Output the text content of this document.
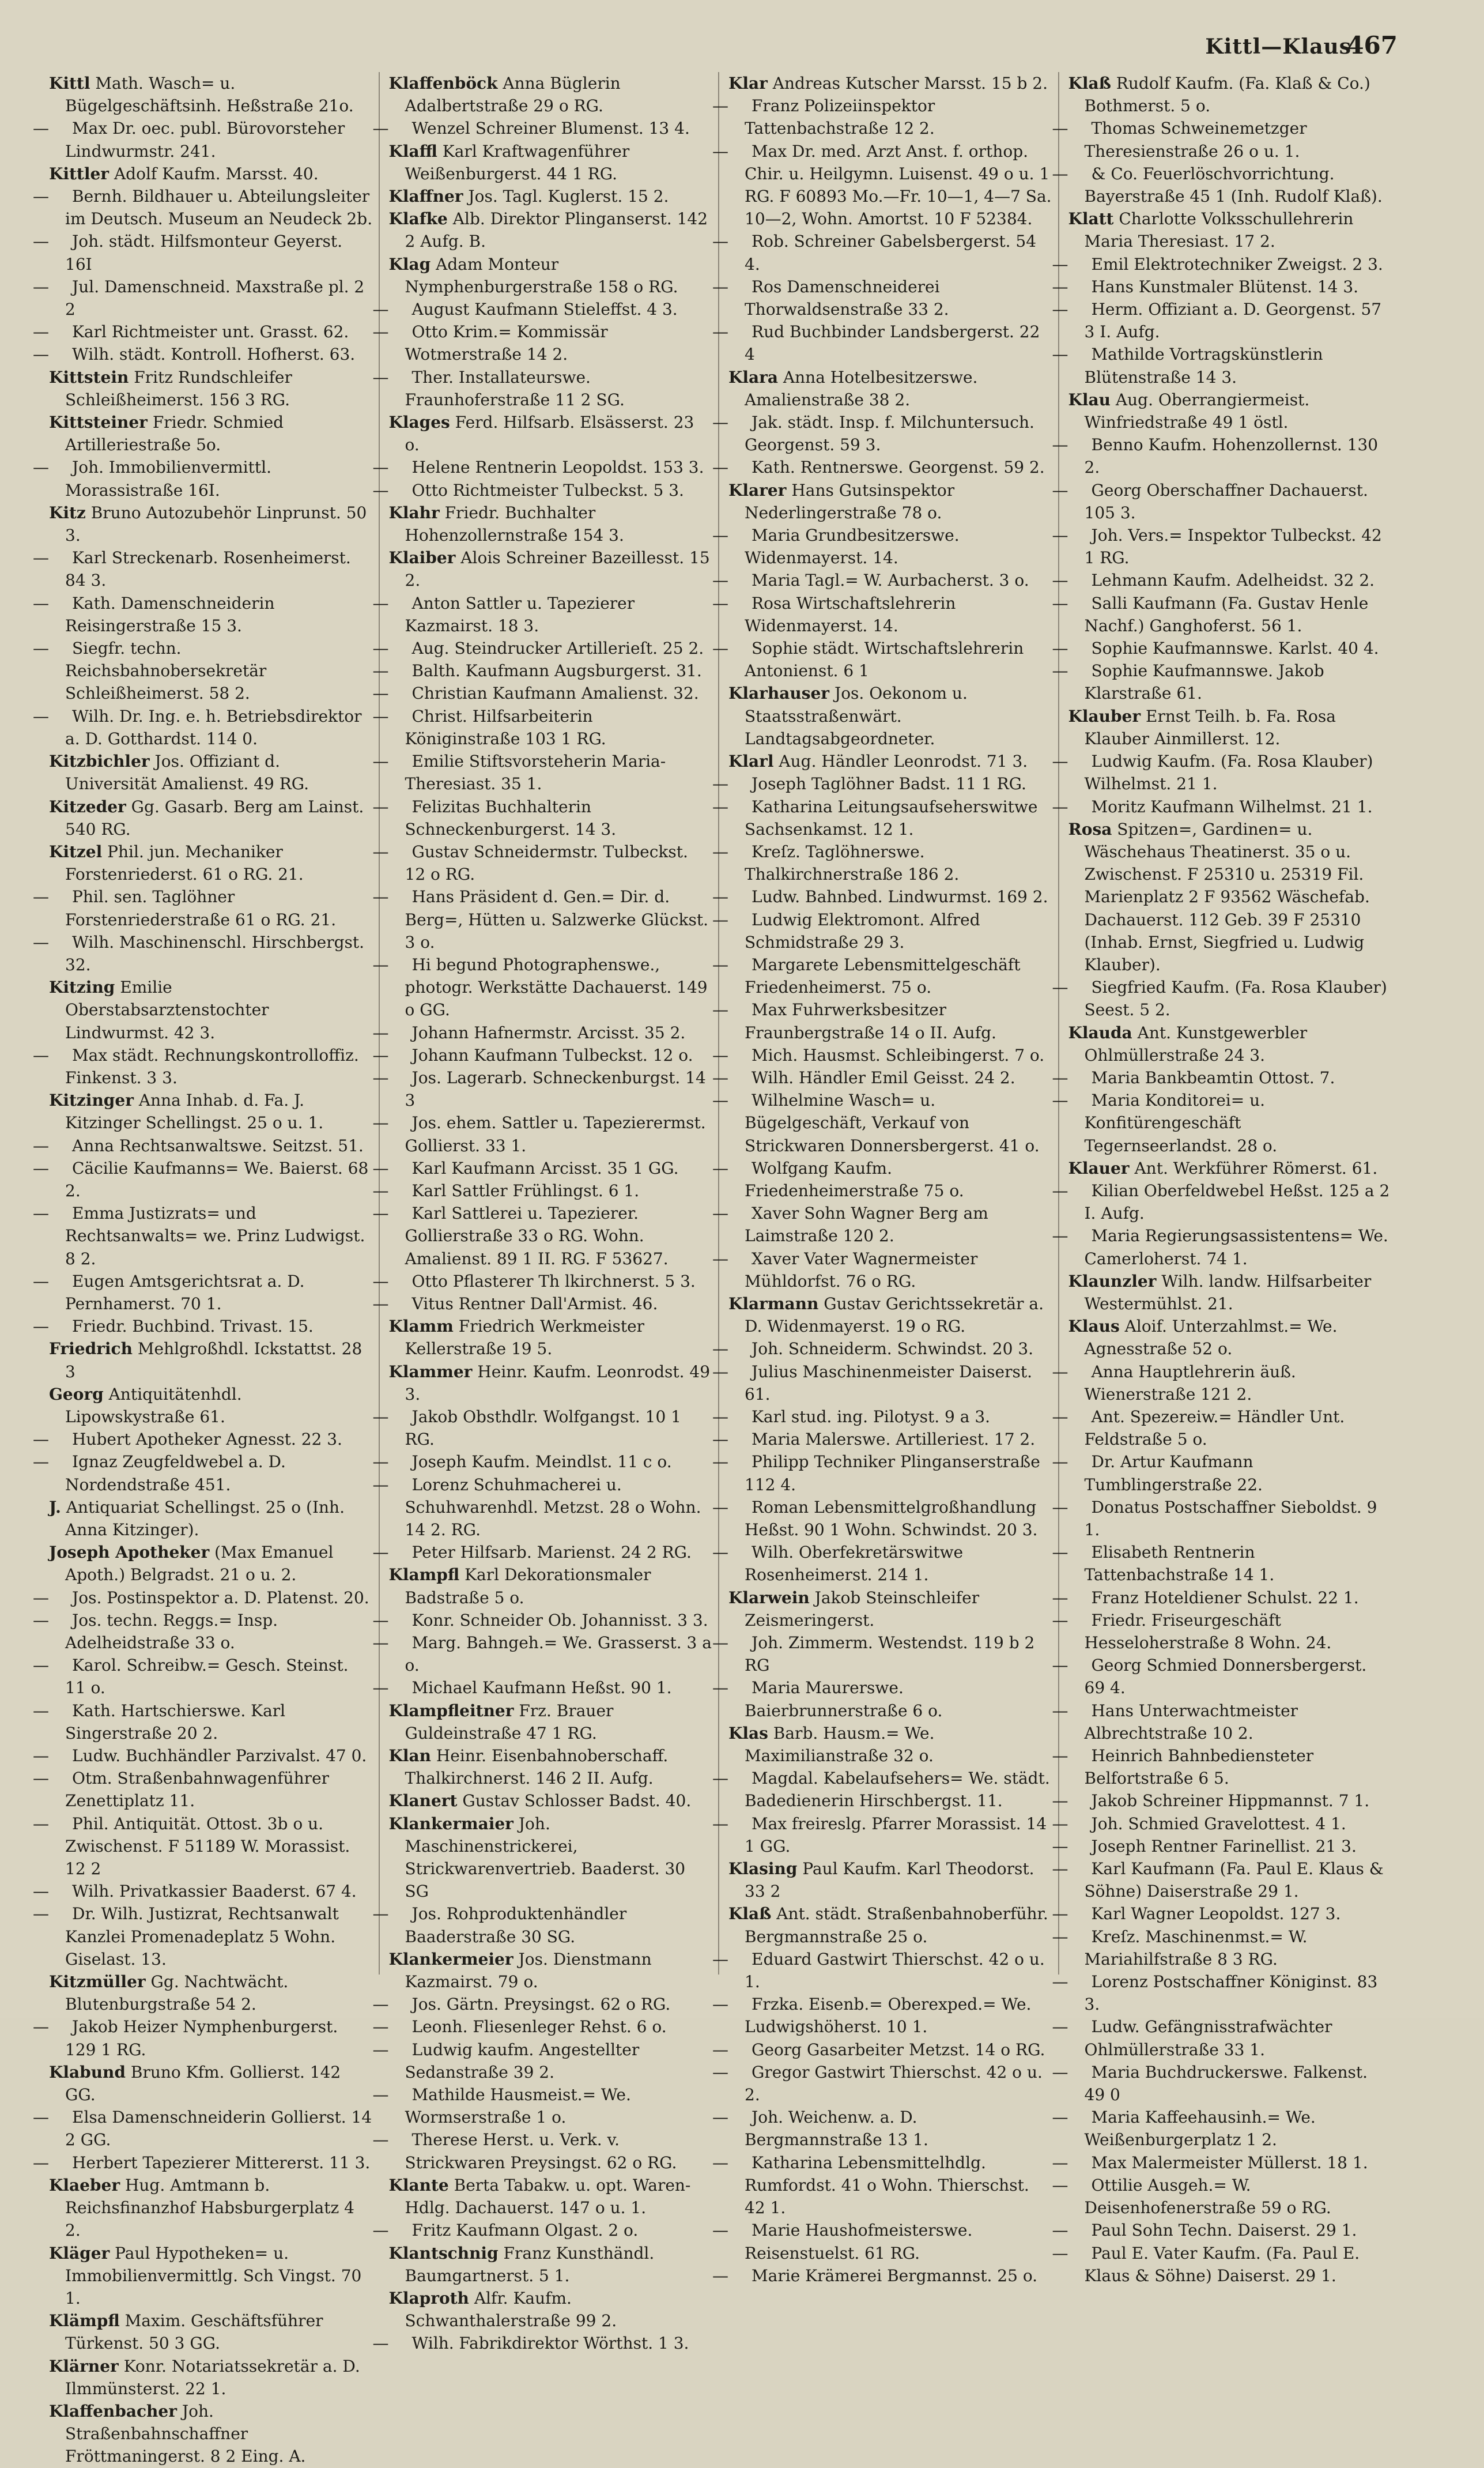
Kittl—Klaus
467

Kittl Math. Wasch= u. Bügelgeschäftsinh. Heßstraße 21o.

— Max Dr. oec. publ. Bürovorsteher Lindwurmstr. 241.

Kittler Adolf Kaufm. Marsst. 40.

— Bernh. Bildhauer u. Abteilungsleiter im Deutsch. Museum an Neudeck 2b.

— Joh. städt. Hilfsmonteur Geyerst. 16I

— Jul. Damenschneid. Maxstraße pl. 2 2

— Karl Richtmeister unt. Grasst. 62.

— Wilh. städt. Kontroll. Hofherst. 63.

Kittstein Fritz Rundschleifer Schleißheimerst. 156 3 RG.

Kittsteiner Friedr. Schmied Artilleriestraße 5o.

— Joh. Immobilienvermittl. Morassistraße 16I.

Kitz Bruno Autozubehör Linprunst. 50 3.

— Karl Streckenarb. Rosenheimerst. 84 3.

— Kath. Damenschneiderin Reisingerstraße 15 3.

— Siegfr. techn. Reichsbahnobersekretär Schleißheimerst. 58 2.

— Wilh. Dr. Ing. e. h. Betriebsdirektor a. D. Gotthardst. 114 0.

Kitzbichler Jos. Offiziant d. Universität Amalienst. 49 RG.

Kitzeder Gg. Gasarb. Berg am Lainst. 540 RG.

Kitzel Phil. jun. Mechaniker Forstenriederst. 61 o RG. 21.

— Phil. sen. Taglöhner Forstenriederstraße 61 o RG. 21.

— Wilh. Maschinenschl. Hirschbergst. 32.

Kitzing Emilie Oberstabsarztenstochter Lindwurmst. 42 3.

— Max städt. Rechnungskontrolloffiz. Finkenst. 3 3.

Kitzinger Anna Inhab. d. Fa. J. Kitzinger Schellingst. 25 o u. 1.

— Anna Rechtsanwaltswe. Seitzst. 51.

— Cäcilie Kaufmanns= We. Baierst. 68 2.

— Emma Justizrats= und Rechtsanwalts= we. Prinz Ludwigst. 8 2.

— Eugen Amtsgerichtsrat a. D. Pernhamerst. 70 1.

— Friedr. Buchbind. Trivast. 15.

Friedrich Mehlgroßhdl. Ickstattst. 28 3

Georg Antiquitätenhdl. Lipowskystraße 61.

— Hubert Apotheker Agnesst. 22 3.

— Ignaz Zeugfeldwebel a. D. Nordendstraße 451.

J. Antiquariat Schellingst. 25 o (Inh. Anna Kitzinger).

Joseph Apotheker (Max Emanuel Apoth.) Belgradst. 21 o u. 2.

— Jos. Postinspektor a. D. Platenst. 20.

— Jos. techn. Reggs.= Insp. Adelheidstraße 33 o.

— Karol. Schreibw.= Gesch. Steinst. 11 o.

— Kath. Hartschierswe. Karl Singerstraße 20 2.

— Ludw. Buchhändler Parzivalst. 47 0.

— Otm. Straßenbahnwagenführer Zenettiplatz 11.

— Phil. Antiquität. Ottost. 3b o u. Zwischenst. F 51189 W. Morassist. 12 2

— Wilh. Privatkassier Baaderst. 67 4.

— Dr. Wilh. Justizrat, Rechtsanwalt Kanzlei Promenadeplatz 5 Wohn. Giselast. 13.

Kitzmüller Gg. Nachtwächt. Blutenburgstraße 54 2.

— Jakob Heizer Nymphenburgerst. 129 1 RG.

Klabund Bruno Kfm. Gollierst. 142 GG.

— Elsa Damenschneiderin Gollierst. 14 2 GG.

— Herbert Tapezierer Mittererst. 11 3.

Klaeber Hug. Amtmann b. Reichsfinanzhof Habsburgerplatz 4 2.

Kläger Paul Hypotheken= u. Immobilienvermittlg. Sch Vingst. 70 1.

Klämpfl Maxim. Geschäftsführer Türkenst. 50 3 GG.

Klärner Konr. Notariatssekretär a. D. Ilmmünsterst. 22 1.

Klaffenbacher Joh. Straßenbahnschaffner Fröttmaningerst. 8 2 Eing. A.

Klaffenböck Anna Büglerin Adalbertstraße 29 o RG.

— Wenzel Schreiner Blumenst. 13 4.

Klaffl Karl Kraftwagenführer Weißenburgerst. 44 1 RG.

Klaffner Jos. Tagl. Kuglerst. 15 2.

Klafke Alb. Direktor Plinganserst. 142 2 Aufg. B.

Klag Adam Monteur Nymphenburgerstraße 158 o RG.

— August Kaufmann Stieleffst. 4 3.

— Otto Krim.= Kommissär Wotmerstraße 14 2.

— Ther. Installateurswe. Fraunhoferstraße 11 2 SG.

Klages Ferd. Hilfsarb. Elsässerst. 23 o.

— Helene Rentnerin Leopoldst. 153 3.

— Otto Richtmeister Tulbeckst. 5 3.

Klahr Friedr. Buchhalter Hohenzollernstraße 154 3.

Klaiber Alois Schreiner Bazeillesst. 15 2.

— Anton Sattler u. Tapezierer Kazmairst. 18 3.

— Aug. Steindrucker Artillerieſt. 25 2.

— Balth. Kaufmann Augsburgerst. 31.

— Christian Kaufmann Amalienst. 32.

— Christ. Hilfsarbeiterin Königinstraße 103 1 RG.

— Emilie Stiftsvorsteherin Maria-Theresiast. 35 1.

— Felizitas Buchhalterin Schneckenburgerst. 14 3.

— Gustav Schneidermstr. Tulbeckst. 12 o RG.

— Hans Präsident d. Gen.= Dir. d. Berg=, Hütten u. Salzwerke Glückst. 3 o.

— Hi begund Photographenswe., photogr. Werkstätte Dachauerst. 149 o GG.

— Johann Hafnermstr. Arcisst. 35 2.

— Johann Kaufmann Tulbeckst. 12 o.

— Jos. Lagerarb. Schneckenburgst. 14 3

— Jos. ehem. Sattler u. Tapezierermst. Gollierst. 33 1.

— Karl Kaufmann Arcisst. 35 1 GG.

— Karl Sattler Frühlingst. 6 1.

— Karl Sattlerei u. Tapezierer. Gollierstraße 33 o RG. Wohn. Amalienst. 89 1 II. RG. F 53627.

— Otto Pflasterer Th lkirchnerst. 5 3.

— Vitus Rentner Dall'Armist. 46.

Klamm Friedrich Werkmeister Kellerstraße 19 5.

Klammer Heinr. Kaufm. Leonrodst. 49 3.

— Jakob Obsthdlr. Wolfgangst. 10 1 RG.

— Joseph Kaufm. Meindlst. 11 c o.

— Lorenz Schuhmacherei u. Schuhwarenhdl. Metzst. 28 o Wohn. 14 2. RG.

— Peter Hilfsarb. Marienst. 24 2 RG.

Klampfl Karl Dekorationsmaler Badstraße 5 o.

— Konr. Schneider Ob. Johannisst. 3 3.

— Marg. Bahngeh.= We. Grasserst. 3 a o.

— Michael Kaufmann Heßst. 90 1.

Klampfleitner Frz. Brauer Guldeinstraße 47 1 RG.

Klan Heinr. Eisenbahnoberschaff. Thalkirchnerst. 146 2 II. Aufg.

Klanert Gustav Schlosser Badst. 40.

Klankermaier Joh. Maschinenstrickerei, Strickwarenvertrieb. Baaderst. 30 SG

— Jos. Rohproduktenhändler Baaderstraße 30 SG.

Klankermeier Jos. Dienstmann Kazmairst. 79 o.

— Jos. Gärtn. Preysingst. 62 o RG.

— Leonh. Fliesenleger Rehst. 6 o.

— Ludwig kaufm. Angestellter Sedanstraße 39 2.

— Mathilde Hausmeist.= We. Wormserstraße 1 o.

— Therese Herst. u. Verk. v. Strickwaren Preysingst. 62 o RG.

Klante Berta Tabakw. u. opt. Waren-Hdlg. Dachauerst. 147 o u. 1.

— Fritz Kaufmann Olgast. 2 o.

Klantschnig Franz Kunsthändl. Baumgartnerst. 5 1.

Klaproth Alfr. Kaufm. Schwanthalerstraße 99 2.

— Wilh. Fabrikdirektor Wörthst. 1 3.

Klar Andreas Kutscher Marsst. 15 b 2.

— Franz Polizeiinspektor Tattenbachstraße 12 2.

— Max Dr. med. Arzt Anst. f. orthop. Chir. u. Heilgymn. Luisenst. 49 o u. 1 RG. F 60893 Mo.—Fr. 10—1, 4—7 Sa. 10—2, Wohn. Amortst. 10 F 52384.

— Rob. Schreiner Gabelsbergerst. 54 4.

— Ros Damenschneiderei Thorwaldsenstraße 33 2.

— Rud Buchbinder Landsbergerst. 22 4

Klara Anna Hotelbesitzerswe. Amalienstraße 38 2.

— Jak. städt. Insp. f. Milchuntersuch. Georgenst. 59 3.

— Kath. Rentnerswe. Georgenst. 59 2.

Klarer Hans Gutsinspektor Nederlingerstraße 78 o.

— Maria Grundbesitzerswe. Widenmayerst. 14.

— Maria Tagl.= W. Aurbacherst. 3 o.

— Rosa Wirtschaftslehrerin Widenmayerst. 14.

— Sophie städt. Wirtschaftslehrerin Antonienst. 6 1

Klarhauser Jos. Oekonom u. Staatsstraßenwärt. Landtagsabgeordneter.

Klarl Aug. Händler Leonrodst. 71 3.

— Joseph Taglöhner Badst. 11 1 RG.

— Katharina Leitungsaufseherswitwe Sachsenkamst. 12 1.

— Kreſz. Taglöhnerswe. Thalkirchnerstraße 186 2.

— Ludw. Bahnbed. Lindwurmst. 169 2.

— Ludwig Elektromont. Alfred Schmidstraße 29 3.

— Margarete Lebensmittelgeschäft Friedenheimerst. 75 o.

— Max Fuhrwerksbesitzer Fraunbergstraße 14 o II. Aufg.

— Mich. Hausmst. Schleibingerst. 7 o.

— Wilh. Händler Emil Geisst. 24 2.

— Wilhelmine Wasch= u. Bügelgeschäft, Verkauf von Strickwaren Donnersbergerst. 41 o.

— Wolfgang Kaufm. Friedenheimerstraße 75 o.

— Xaver Sohn Wagner Berg am Laimstraße 120 2.

— Xaver Vater Wagnermeister Mühldorfst. 76 o RG.

Klarmann Gustav Gerichtssekretär a. D. Widenmayerst. 19 o RG.

— Joh. Schneiderm. Schwindst. 20 3.

— Julius Maschinenmeister Daiserst. 61.

— Karl stud. ing. Pilotyst. 9 a 3.

— Maria Malerswe. Artilleriest. 17 2.

— Philipp Techniker Plinganserstraße 112 4.

— Roman Lebensmittelgroßhandlung Heßst. 90 1 Wohn. Schwindst. 20 3.

— Wilh. Oberfekretärswitwe Rosenheimerst. 214 1.

Klarwein Jakob Steinschleifer Zeismeringerst.

— Joh. Zimmerm. Westendst. 119 b 2 RG

— Maria Maurerswe. Baierbrunnerstraße 6 o.

Klas Barb. Hausm.= We. Maximilianstraße 32 o.

— Magdal. Kabelaufsehers= We. städt. Badedienerin Hirschbergst. 11.

— Max freireslg. Pfarrer Morassist. 14 1 GG.

Klasing Paul Kaufm. Karl Theodorst. 33 2

Klaß Ant. städt. Straßenbahnoberführ. Bergmannstraße 25 o.

— Eduard Gastwirt Thierschst. 42 o u. 1.

— Frzka. Eisenb.= Oberexped.= We. Ludwigshöherst. 10 1.

— Georg Gasarbeiter Metzst. 14 o RG.

— Gregor Gastwirt Thierschst. 42 o u. 2.

— Joh. Weichenw. a. D. Bergmannstraße 13 1.

— Katharina Lebensmittelhdlg. Rumfordst. 41 o Wohn. Thierschst. 42 1.

— Marie Haushofmeisterswe. Reisenstuelst. 61 RG.

— Marie Krämerei Bergmannst. 25 o.

Klaß Rudolf Kaufm. (Fa. Klaß & Co.) Bothmerst. 5 o.

— Thomas Schweinemetzger Theresienstraße 26 o u. 1.

— & Co. Feuerlöschvorrichtung. Bayerstraße 45 1 (Inh. Rudolf Klaß).

Klatt Charlotte Volksschullehrerin Maria Theresiast. 17 2.

— Emil Elektrotechniker Zweigst. 2 3.

— Hans Kunstmaler Blütenst. 14 3.

— Herm. Offiziant a. D. Georgenst. 57 3 I. Aufg.

— Mathilde Vortragskünstlerin Blütenstraße 14 3.

Klau Aug. Oberrangiermeist. Winfriedstraße 49 1 östl.

— Benno Kaufm. Hohenzollernst. 130 2.

— Georg Oberschaffner Dachauerst. 105 3.

— Joh. Vers.= Inspektor Tulbeckst. 42 1 RG.

— Lehmann Kaufm. Adelheidst. 32 2.

— Salli Kaufmann (Fa. Gustav Henle Nachf.) Ganghoferst. 56 1.

— Sophie Kaufmannswe. Karlst. 40 4.

— Sophie Kaufmannswe. Jakob Klarstraße 61.

Klauber Ernst Teilh. b. Fa. Rosa Klauber Ainmillerst. 12.

— Ludwig Kaufm. (Fa. Rosa Klauber) Wilhelmst. 21 1.

— Moritz Kaufmann Wilhelmst. 21 1.

Rosa Spitzen=, Gardinen= u. Wäschehaus Theatinerst. 35 o u. Zwischenst. F 25310 u. 25319 Fil. Marienplatz 2 F 93562 Wäschefab. Dachauerst. 112 Geb. 39 F 25310 (Inhab. Ernst, Siegfried u. Ludwig Klauber).

— Siegfried Kaufm. (Fa. Rosa Klauber) Seest. 5 2.

Klauda Ant. Kunstgewerbler Ohlmüllerstraße 24 3.

— Maria Bankbeamtin Ottost. 7.

— Maria Konditorei= u. Konfitürengeschäft Tegernseerlandst. 28 o.

Klauer Ant. Werkführer Römerst. 61.

— Kilian Oberfeldwebel Heßst. 125 a 2 I. Aufg.

— Maria Regierungsassistentens= We. Camerloherst. 74 1.

Klaunzler Wilh. landw. Hilfsarbeiter Westermühlst. 21.

Klaus Aloif. Unterzahlmst.= We. Agnesstraße 52 o.

— Anna Hauptlehrerin äuß. Wienerstraße 121 2.

— Ant. Spezereiw.= Händler Unt. Feldstraße 5 o.

— Dr. Artur Kaufmann Tumblingerstraße 22.

— Donatus Postschaffner Sieboldst. 9 1.

— Elisabeth Rentnerin Tattenbachstraße 14 1.

— Franz Hoteldiener Schulst. 22 1.

— Friedr. Friseurgeschäft Hesseloherstraße 8 Wohn. 24.

— Georg Schmied Donnersbergerst. 69 4.

— Hans Unterwachtmeister Albrechtstraße 10 2.

— Heinrich Bahnbediensteter Belfortstraße 6 5.

— Jakob Schreiner Hippmannst. 7 1.

— Joh. Schmied Gravelottest. 4 1.

— Joseph Rentner Farinellist. 21 3.

— Karl Kaufmann (Fa. Paul E. Klaus & Söhne) Daiserstraße 29 1.

— Karl Wagner Leopoldst. 127 3.

— Kreſz. Maschinenmst.= W. Mariahilfstraße 8 3 RG.

— Lorenz Postschaffner Königinst. 83 3.

— Ludw. Gefängnisstrafwächter Ohlmüllerstraße 33 1.

— Maria Buchdruckerswe. Falkenst. 49 0

— Maria Kaffeehausinh.= We. Weißenburgerplatz 1 2.

— Max Malermeister Müllerst. 18 1.

— Ottilie Ausgeh.= W. Deisenhofenerstraße 59 o RG.

— Paul Sohn Techn. Daiserst. 29 1.

— Paul E. Vater Kaufm. (Fa. Paul E. Klaus & Söhne) Daiserst. 29 1.
